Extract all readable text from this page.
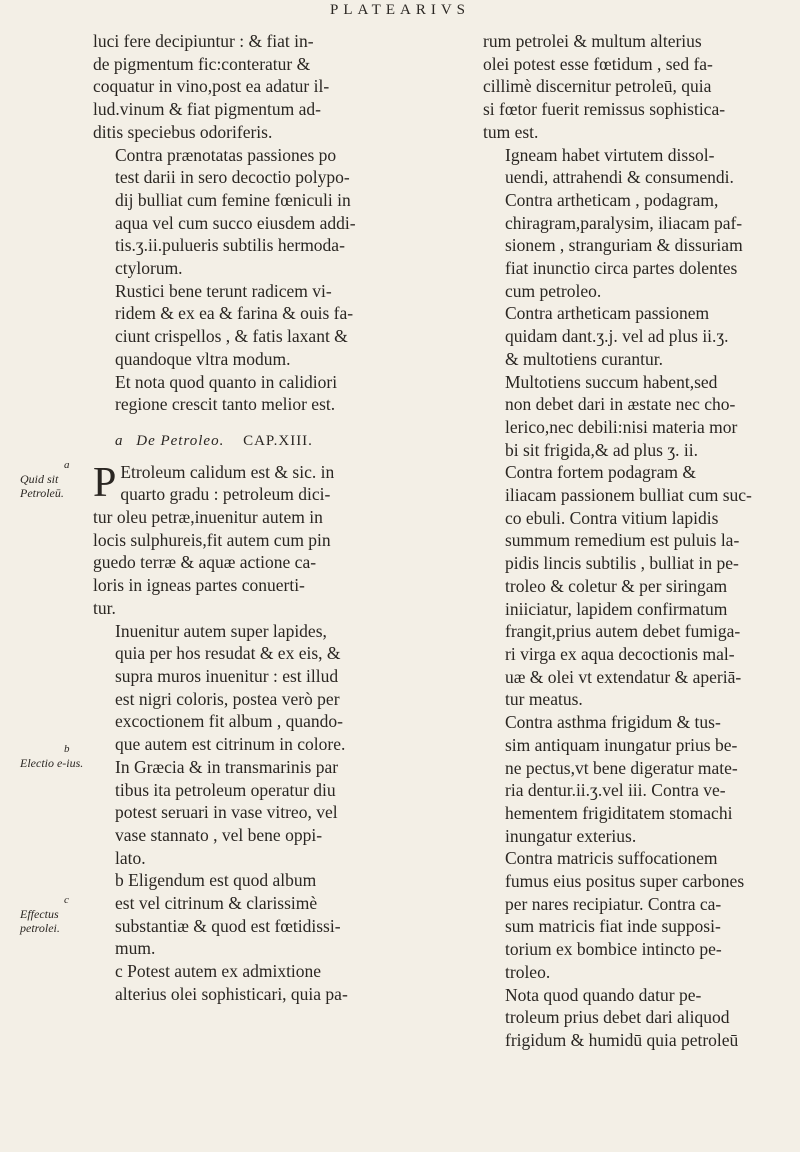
PLATEARIVS
a
Quid sit Petroleū.
b
Electio e-ius.
c
Effectus petrolei.

luci fere decipiuntur : & fiat in-
de pigmentum fic:conteratur &
coquatur in vino,post ea adatur il-
lud.vinum & fiat pigmentum ad-
ditis speciebus odoriferis.

Contra prænotatas passiones po
test darii in sero decoctio polypo-
dij bulliat cum femine fœniculi in
aqua vel cum succo eiusdem addi-
tis.ʒ.ii.pulueris subtilis hermoda-
ctylorum.

Rustici bene terunt radicem vi-
ridem & ex ea & farina & ouis fa-
ciunt crispellos , & fatis laxant &
quandoque vltra modum.

Et nota quod quanto in calidiori
regione crescit tanto melior est.

a De Petroleo. CAP.XIII.

P Etroleum calidum est & sic. in
quarto gradu : petroleum dici-

tur oleu petræ,inuenitur autem in
locis sulphureis,fit autem cum pin
guedo terræ & aquæ actione ca-
loris in igneas partes conuerti-
tur.

Inuenitur autem super lapides,
quia per hos resudat & ex eis, &
supra muros inuenitur : est illud
est nigri coloris, postea verò per
excoctionem fit album , quando-
que autem est citrinum in colore.

In Græcia & in transmarinis par
tibus ita petroleum operatur diu
potest seruari in vase vitreo, vel
vase stannato , vel bene oppi-
lato.

b Eligendum est quod album
est vel citrinum & clarissimè
substantiæ & quod est fœtidissi-
mum.

c Potest autem ex admixtione
alterius olei sophisticari, quia pa-

rum petrolei & multum alterius
olei potest esse fœtidum , sed fa-
cillimè discernitur petroleū, quia
si fœtor fuerit remissus sophistica-
tum est.

Igneam habet virtutem dissol-
uendi, attrahendi & consumendi.

Contra artheticam , podagram,
chiragram,paralysim, iliacam paf-
sionem , stranguriam & dissuriam
fiat inunctio circa partes dolentes
cum petroleo.

Contra artheticam passionem
quidam dant.ʒ.j. vel ad plus ii.ʒ.
& multotiens curantur.

Multotiens succum habent,sed
non debet dari in æstate nec cho-
lerico,nec debili:nisi materia mor
bi sit frigida,& ad plus ʒ. ii.

Contra fortem podagram &
iliacam passionem bulliat cum suc-
co ebuli. Contra vitium lapidis
summum remedium est puluis la-
pidis lincis subtilis , bulliat in pe-
troleo & coletur & per siringam
iniiciatur, lapidem confirmatum
frangit,prius autem debet fumiga-
ri virga ex aqua decoctionis mal-
uæ & olei vt extendatur & aperiā-
tur meatus.

Contra asthma frigidum & tus-
sim antiquam inungatur prius be-
ne pectus,vt bene digeratur mate-
ria dentur.ii.ʒ.vel iii. Contra ve-
hementem frigiditatem stomachi
inungatur exterius.

Contra matricis suffocationem
fumus eius positus super carbones
per nares recipiatur. Contra ca-
sum matricis fiat inde supposi-
torium ex bombice intincto pe-
troleo.

Nota quod quando datur pe-
troleum prius debet dari aliquod
frigidum & humidū quia petroleū
